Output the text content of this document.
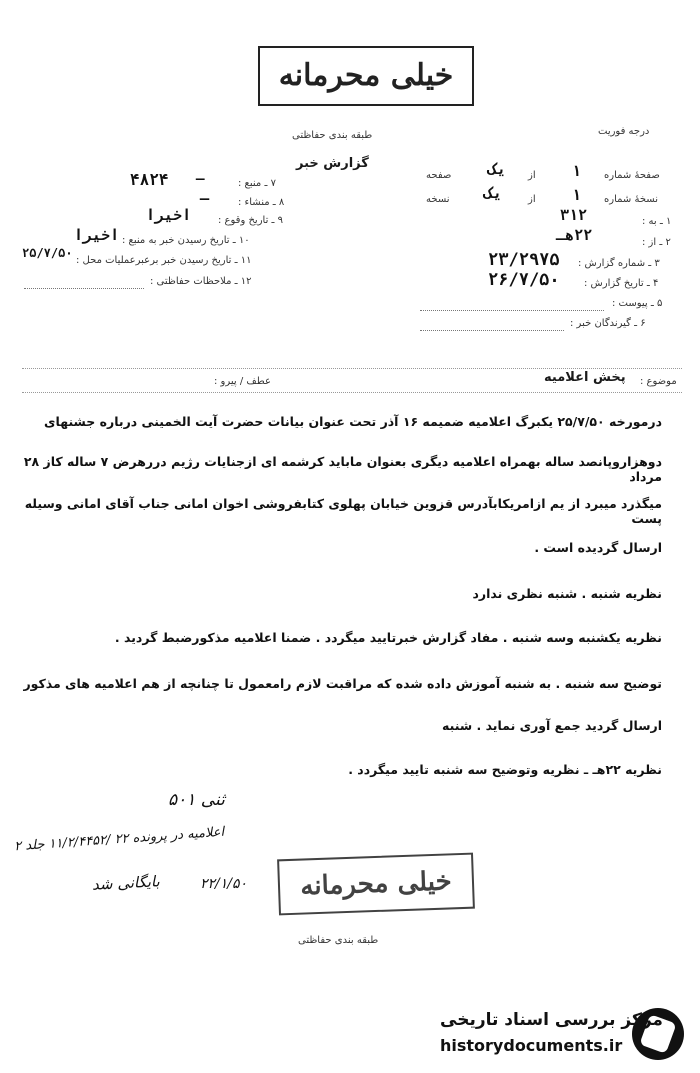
خیلی محرمانه
طبقه بندی حفاظتی	درجه فوریت
گزارش خبر
۷ ـ منبع :
۴۸۲۴ ـ
۸ ـ منشاء :
ـ
۹ ـ تاریخ وقوع :
اخیرا
۱۰ ـ تاریخ رسیدن خبر به منبع :
اخیرا
۱۱ ـ تاریخ رسیدن خبر برعبرعملیات محل :
۲۵/۷/۵۰
۱۲ ـ ملاحظات حفاظتی :
صفحهٔ شماره
۱
از
یک
صفحه
نسخهٔ شماره
۱
از
یک
نسخه
۱ ـ به :
۳۱۲
۲ ـ از :
۲۲هـ
۳ ـ شماره گزارش :
۲۳/۲۹۷۵
۴ ـ تاریخ گزارش :
۲۶/۷/۵۰
۵ ـ پیوست :
۶ ـ گیرندگان خبر :
موضوع :
پخش اعلامیه
عطف / پیرو :
درمورخه ۲۵/۷/۵۰ یکبرگ اعلامیه ضمیمه ۱۶ آذر تحت عنوان بیانات حضرت آیت الخمینی درباره جشنهای
دوهزاروپانصد ساله بهمراه اعلامیه دیگری بعنوان ماباید کرشمه ای ازجنایات رژیم دررهرض ۷ ساله کاز ۲۸ مرداد
میگذرد میبرد از یم ازامریکابآدرس قزوین خیابان پهلوی کتابفروشی اخوان امانی جناب آقای امانی وسیله پست
ارسال گردیده است .
نظریه شنبه . شنبه نظری ندارد
نظریه یکشنبه وسه شنبه . مفاد گزارش خبرتایید میگردد . ضمنا اعلامیه مذکورضبط گردید .
توضیح سه شنبه . به شنبه آموزش داده شده که مراقبت لازم رامعمول تا چنانچه از هم اعلامیه های مذکور
ارسال گردید جمع آوری نماید . شنبه
نظریه ۲۲هـ ـ نظریه وتوضیح سه شنبه تایید میگردد .
ثنی ۵۰۱
اعلامیه در پرونده ۲۲ /۱۱/۲/۴۴۵۲ جلد ۲
بایگانی شد	۲۲/۱/۵۰	خیلی محرمانه
طبقه بندی حفاظتی
مرکز بررسی اسناد تاریخی
historydocuments.ir
